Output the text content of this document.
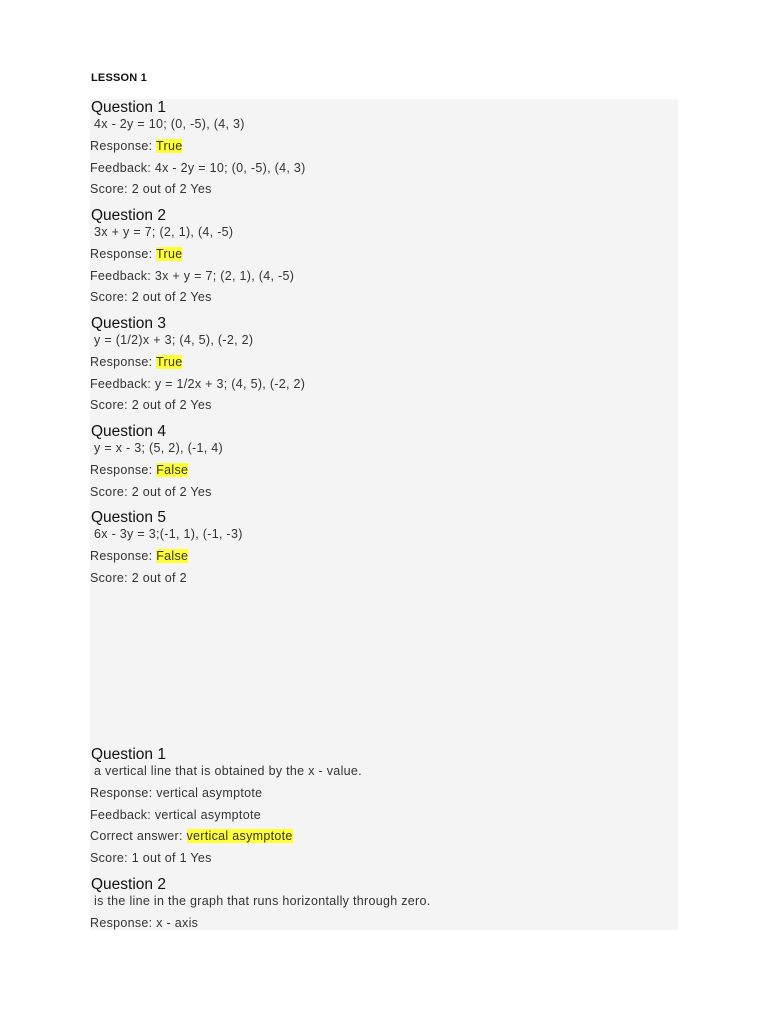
LESSON 1
Question 1
4x - 2y = 10; (0, -5), (4, 3)
Response: True
Feedback: 4x - 2y = 10; (0, -5), (4, 3)
Score: 2 out of 2 Yes
Question 2
3x + y = 7; (2, 1), (4, -5)
Response: True
Feedback: 3x + y = 7; (2, 1), (4, -5)
Score: 2 out of 2 Yes
Question 3
y = (1/2)x + 3; (4, 5), (-2, 2)
Response: True
Feedback: y = 1/2x + 3; (4, 5), (-2, 2)
Score: 2 out of 2 Yes
Question 4
y = x - 3; (5, 2), (-1, 4)
Response: False
Score: 2 out of 2 Yes
Question 5
6x - 3y = 3;(-1, 1), (-1, -3)
Response: False
Score: 2 out of 2
Question 1
a vertical line that is obtained by the x - value.
Response: vertical asymptote
Feedback: vertical asymptote
Correct answer: vertical asymptote
Score: 1 out of 1 Yes
Question 2
is the line in the graph that runs horizontally through zero.
Response: x - axis
